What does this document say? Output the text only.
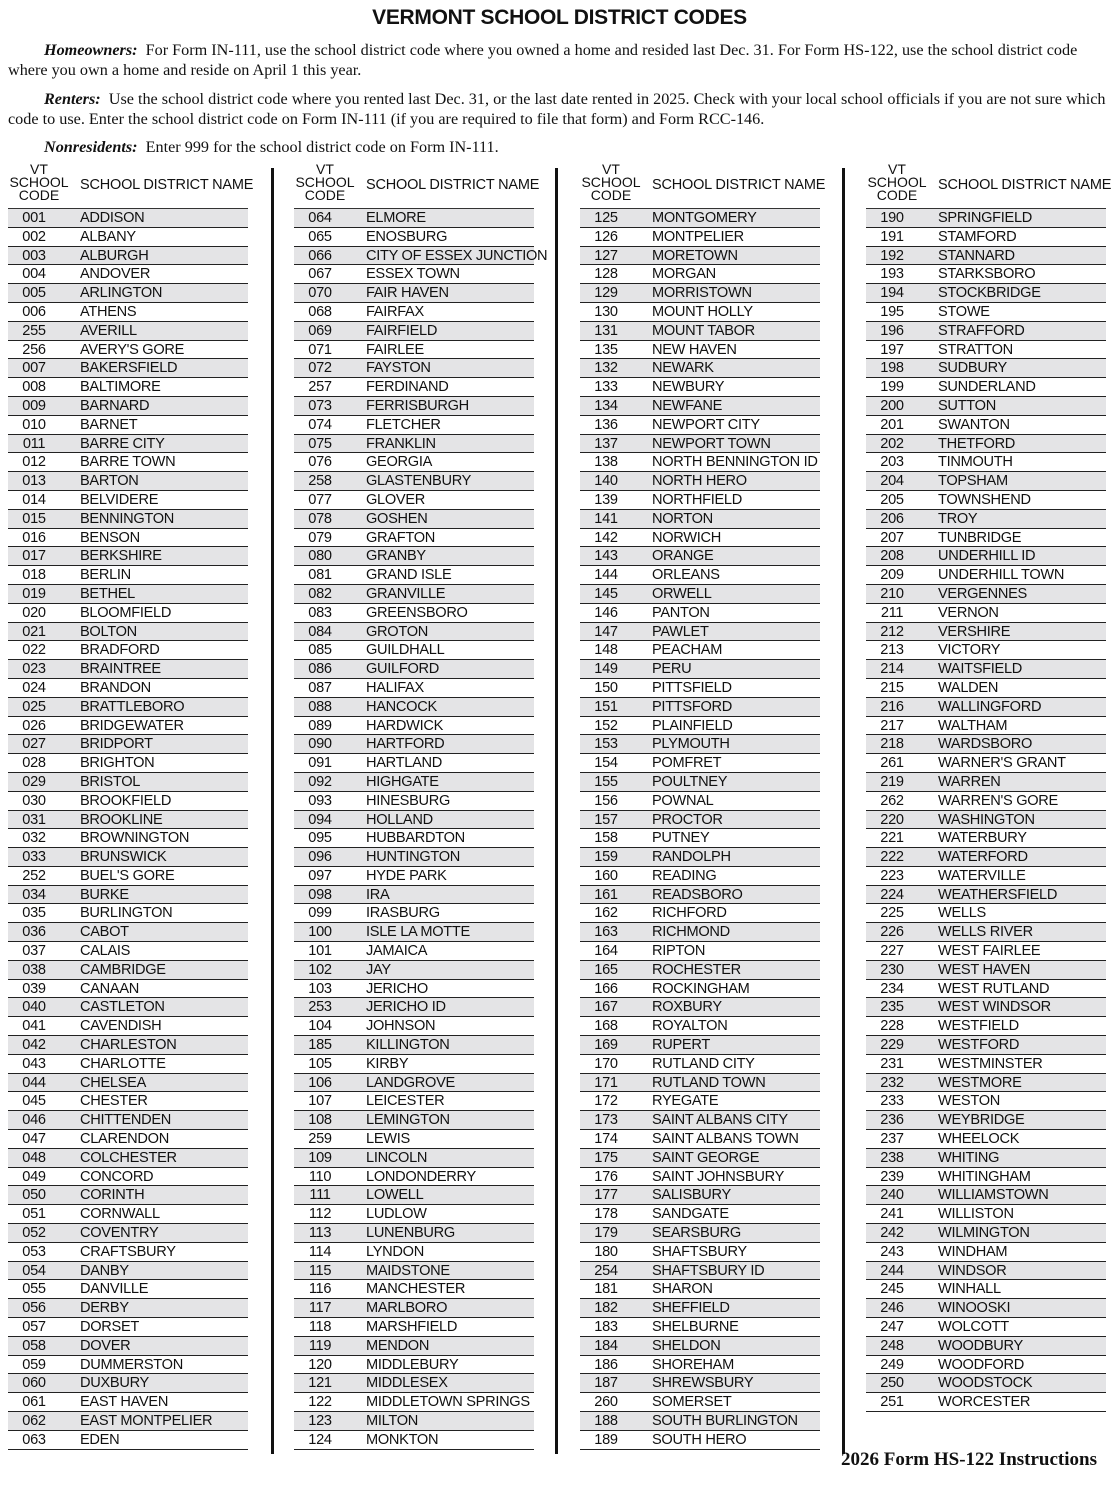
VERMONT SCHOOL DISTRICT CODES

Homeowners: For Form IN-111, use the school district code where you owned a home and resided last Dec. 31. For Form HS-122, use the school district code where you own a home and reside on April 1 this year.

Renters: Use the school district code where you rented last Dec. 31, or the last date rented in 2025. Check with your local school officials if you are not sure which code to use. Enter the school district code on Form IN-111 (if you are required to file that form) and Form RCC-146.

Nonresidents: Enter 999 for the school district code on Form IN-111.

VT
SCHOOL
CODE
SCHOOL DISTRICT NAME
001	ADDISON
002	ALBANY
003	ALBURGH
004	ANDOVER
005	ARLINGTON
006	ATHENS
255	AVERILL
256	AVERY'S GORE
007	BAKERSFIELD
008	BALTIMORE
009	BARNARD
010	BARNET
011	BARRE CITY
012	BARRE TOWN
013	BARTON
014	BELVIDERE
015	BENNINGTON
016	BENSON
017	BERKSHIRE
018	BERLIN
019	BETHEL
020	BLOOMFIELD
021	BOLTON
022	BRADFORD
023	BRAINTREE
024	BRANDON
025	BRATTLEBORO
026	BRIDGEWATER
027	BRIDPORT
028	BRIGHTON
029	BRISTOL
030	BROOKFIELD
031	BROOKLINE
032	BROWNINGTON
033	BRUNSWICK
252	BUEL'S GORE
034	BURKE
035	BURLINGTON
036	CABOT
037	CALAIS
038	CAMBRIDGE
039	CANAAN
040	CASTLETON
041	CAVENDISH
042	CHARLESTON
043	CHARLOTTE
044	CHELSEA
045	CHESTER
046	CHITTENDEN
047	CLARENDON
048	COLCHESTER
049	CONCORD
050	CORINTH
051	CORNWALL
052	COVENTRY
053	CRAFTSBURY
054	DANBY
055	DANVILLE
056	DERBY
057	DORSET
058	DOVER
059	DUMMERSTON
060	DUXBURY
061	EAST HAVEN
062	EAST MONTPELIER
063	EDEN
VT
SCHOOL
CODE
SCHOOL DISTRICT NAME
064	ELMORE
065	ENOSBURG
066	CITY OF ESSEX JUNCTION
067	ESSEX TOWN
070	FAIR HAVEN
068	FAIRFAX
069	FAIRFIELD
071	FAIRLEE
072	FAYSTON
257	FERDINAND
073	FERRISBURGH
074	FLETCHER
075	FRANKLIN
076	GEORGIA
258	GLASTENBURY
077	GLOVER
078	GOSHEN
079	GRAFTON
080	GRANBY
081	GRAND ISLE
082	GRANVILLE
083	GREENSBORO
084	GROTON
085	GUILDHALL
086	GUILFORD
087	HALIFAX
088	HANCOCK
089	HARDWICK
090	HARTFORD
091	HARTLAND
092	HIGHGATE
093	HINESBURG
094	HOLLAND
095	HUBBARDTON
096	HUNTINGTON
097	HYDE PARK
098	IRA
099	IRASBURG
100	ISLE LA MOTTE
101	JAMAICA
102	JAY
103	JERICHO
253	JERICHO ID
104	JOHNSON
185	KILLINGTON
105	KIRBY
106	LANDGROVE
107	LEICESTER
108	LEMINGTON
259	LEWIS
109	LINCOLN
110	LONDONDERRY
111	LOWELL
112	LUDLOW
113	LUNENBURG
114	LYNDON
115	MAIDSTONE
116	MANCHESTER
117	MARLBORO
118	MARSHFIELD
119	MENDON
120	MIDDLEBURY
121	MIDDLESEX
122	MIDDLETOWN SPRINGS
123	MILTON
124	MONKTON
VT
SCHOOL
CODE
SCHOOL DISTRICT NAME
125	MONTGOMERY
126	MONTPELIER
127	MORETOWN
128	MORGAN
129	MORRISTOWN
130	MOUNT HOLLY
131	MOUNT TABOR
135	NEW HAVEN
132	NEWARK
133	NEWBURY
134	NEWFANE
136	NEWPORT CITY
137	NEWPORT TOWN
138	NORTH BENNINGTON ID
140	NORTH HERO
139	NORTHFIELD
141	NORTON
142	NORWICH
143	ORANGE
144	ORLEANS
145	ORWELL
146	PANTON
147	PAWLET
148	PEACHAM
149	PERU
150	PITTSFIELD
151	PITTSFORD
152	PLAINFIELD
153	PLYMOUTH
154	POMFRET
155	POULTNEY
156	POWNAL
157	PROCTOR
158	PUTNEY
159	RANDOLPH
160	READING
161	READSBORO
162	RICHFORD
163	RICHMOND
164	RIPTON
165	ROCHESTER
166	ROCKINGHAM
167	ROXBURY
168	ROYALTON
169	RUPERT
170	RUTLAND CITY
171	RUTLAND TOWN
172	RYEGATE
173	SAINT ALBANS CITY
174	SAINT ALBANS TOWN
175	SAINT GEORGE
176	SAINT JOHNSBURY
177	SALISBURY
178	SANDGATE
179	SEARSBURG
180	SHAFTSBURY
254	SHAFTSBURY ID
181	SHARON
182	SHEFFIELD
183	SHELBURNE
184	SHELDON
186	SHOREHAM
187	SHREWSBURY
260	SOMERSET
188	SOUTH BURLINGTON
189	SOUTH HERO
VT
SCHOOL
CODE
SCHOOL DISTRICT NAME
190	SPRINGFIELD
191	STAMFORD
192	STANNARD
193	STARKSBORO
194	STOCKBRIDGE
195	STOWE
196	STRAFFORD
197	STRATTON
198	SUDBURY
199	SUNDERLAND
200	SUTTON
201	SWANTON
202	THETFORD
203	TINMOUTH
204	TOPSHAM
205	TOWNSHEND
206	TROY
207	TUNBRIDGE
208	UNDERHILL ID
209	UNDERHILL TOWN
210	VERGENNES
211	VERNON
212	VERSHIRE
213	VICTORY
214	WAITSFIELD
215	WALDEN
216	WALLINGFORD
217	WALTHAM
218	WARDSBORO
261	WARNER'S GRANT
219	WARREN
262	WARREN'S GORE
220	WASHINGTON
221	WATERBURY
222	WATERFORD
223	WATERVILLE
224	WEATHERSFIELD
225	WELLS
226	WELLS RIVER
227	WEST FAIRLEE
230	WEST HAVEN
234	WEST RUTLAND
235	WEST WINDSOR
228	WESTFIELD
229	WESTFORD
231	WESTMINSTER
232	WESTMORE
233	WESTON
236	WEYBRIDGE
237	WHEELOCK
238	WHITING
239	WHITINGHAM
240	WILLIAMSTOWN
241	WILLISTON
242	WILMINGTON
243	WINDHAM
244	WINDSOR
245	WINHALL
246	WINOOSKI
247	WOLCOTT
248	WOODBURY
249	WOODFORD
250	WOODSTOCK
251	WORCESTER
2026 Form HS-122 Instructions
